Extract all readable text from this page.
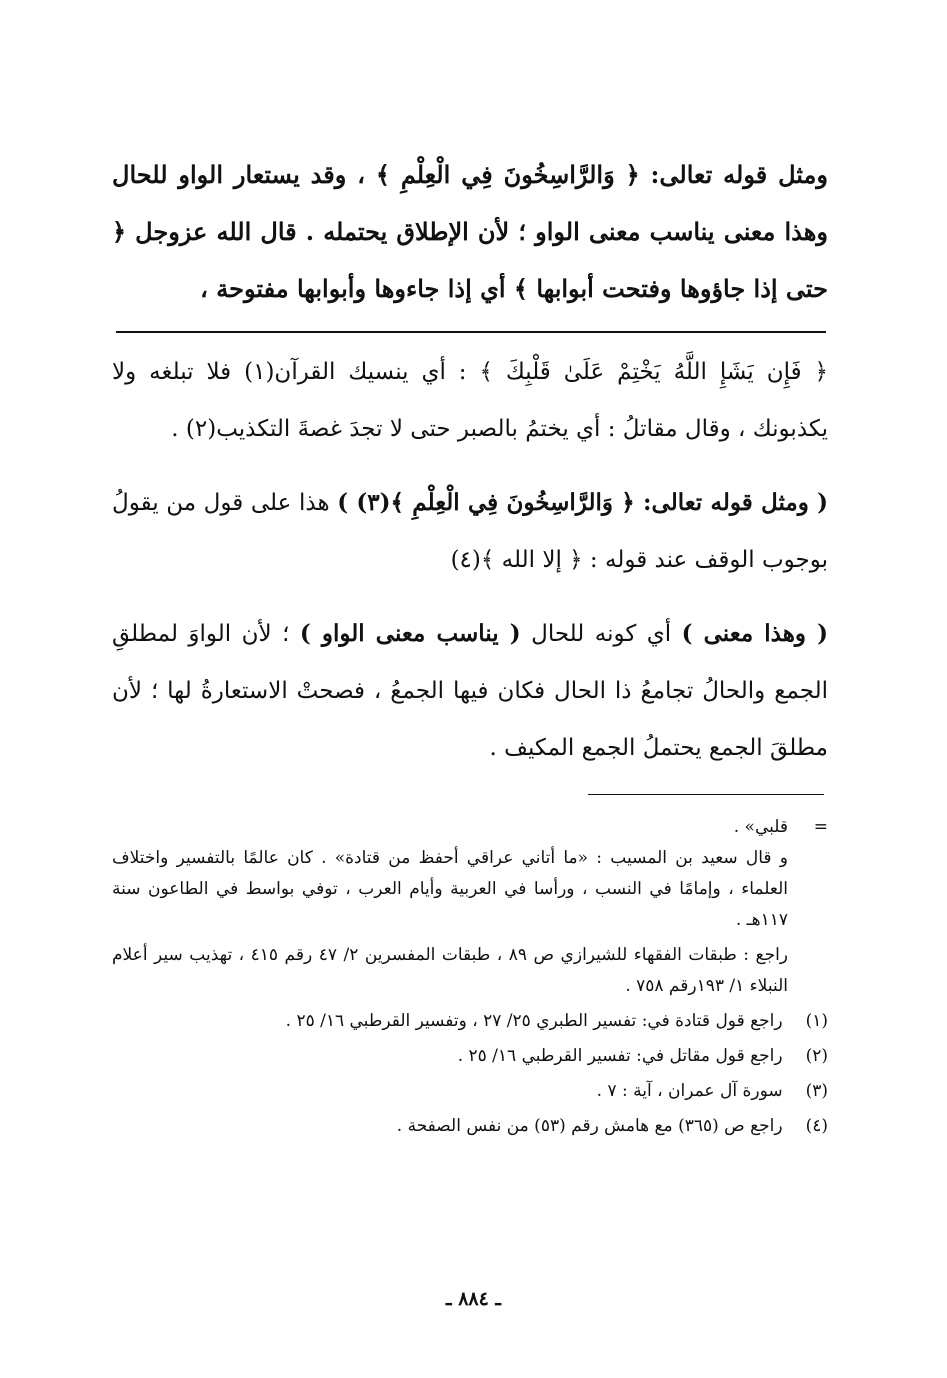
ومثل قوله تعالى: ﴿ وَالرَّاسِخُونَ فِي الْعِلْمِ ﴾ ، وقد يستعار الواو للحال وهذا معنى يناسب معنى الواو ؛ لأن الإطلاق يحتمله . قال الله عزوجل ﴿ حتى إذا جاؤوها وفتحت أبوابها ﴾ أي إذا جاءوها وأبوابها مفتوحة ،

﴿ فَإِن يَشَإِ اللَّهُ يَخْتِمْ عَلَىٰ قَلْبِكَ ﴾ : أي ينسيك القرآن(١) فلا تبلغه ولا يكذبونك ، وقال مقاتلُ : أي يختمُ بالصبر حتى لا تجدَ غصةَ التكذيب(٢) .

( ومثل قوله تعالى: ﴿ وَالرَّاسِخُونَ فِي الْعِلْمِ ﴾(٣) ) هذا على قول من يقولُ بوجوب الوقف عند قوله : ﴿ إلا الله ﴾(٤)

( وهذا معنى ) أي كونه للحال ( يناسب معنى الواو ) ؛ لأن الواوَ لمطلقِ الجمع والحالُ تجامعُ ذا الحال فكان فيها الجمعُ ، فصحتْ الاستعارةُ لها ؛ لأن مطلقَ الجمع يحتملُ الجمع المكيف .

=قلبي» .

و قال سعيد بن المسيب : «ما أتاني عراقي أحفظ من قتادة» . كان عالمًا بالتفسير واختلاف العلماء ، وإمامًا في النسب ، ورأسا في العربية وأيام العرب ، توفي بواسط في الطاعون سنة ١١٧هـ .

راجع : طبقات الفقهاء للشيرازي ص ٨٩ ، طبقات المفسرين ٢/ ٤٧ رقم ٤١٥ ، تهذيب سير أعلام النبلاء ١/ ١٩٣رقم ٧٥٨ .

(١) راجع قول قتادة في: تفسير الطبري ٢٥/ ٢٧ ، وتفسير القرطبي ١٦/ ٢٥ .

(٢) راجع قول مقاتل في: تفسير القرطبي ١٦/ ٢٥ .

(٣) سورة آل عمران ، آية : ٧ .

(٤) راجع ص (٣٦٥) مع هامش رقم (٥٣) من نفس الصفحة .

ـ ٨٨٤ ـ
